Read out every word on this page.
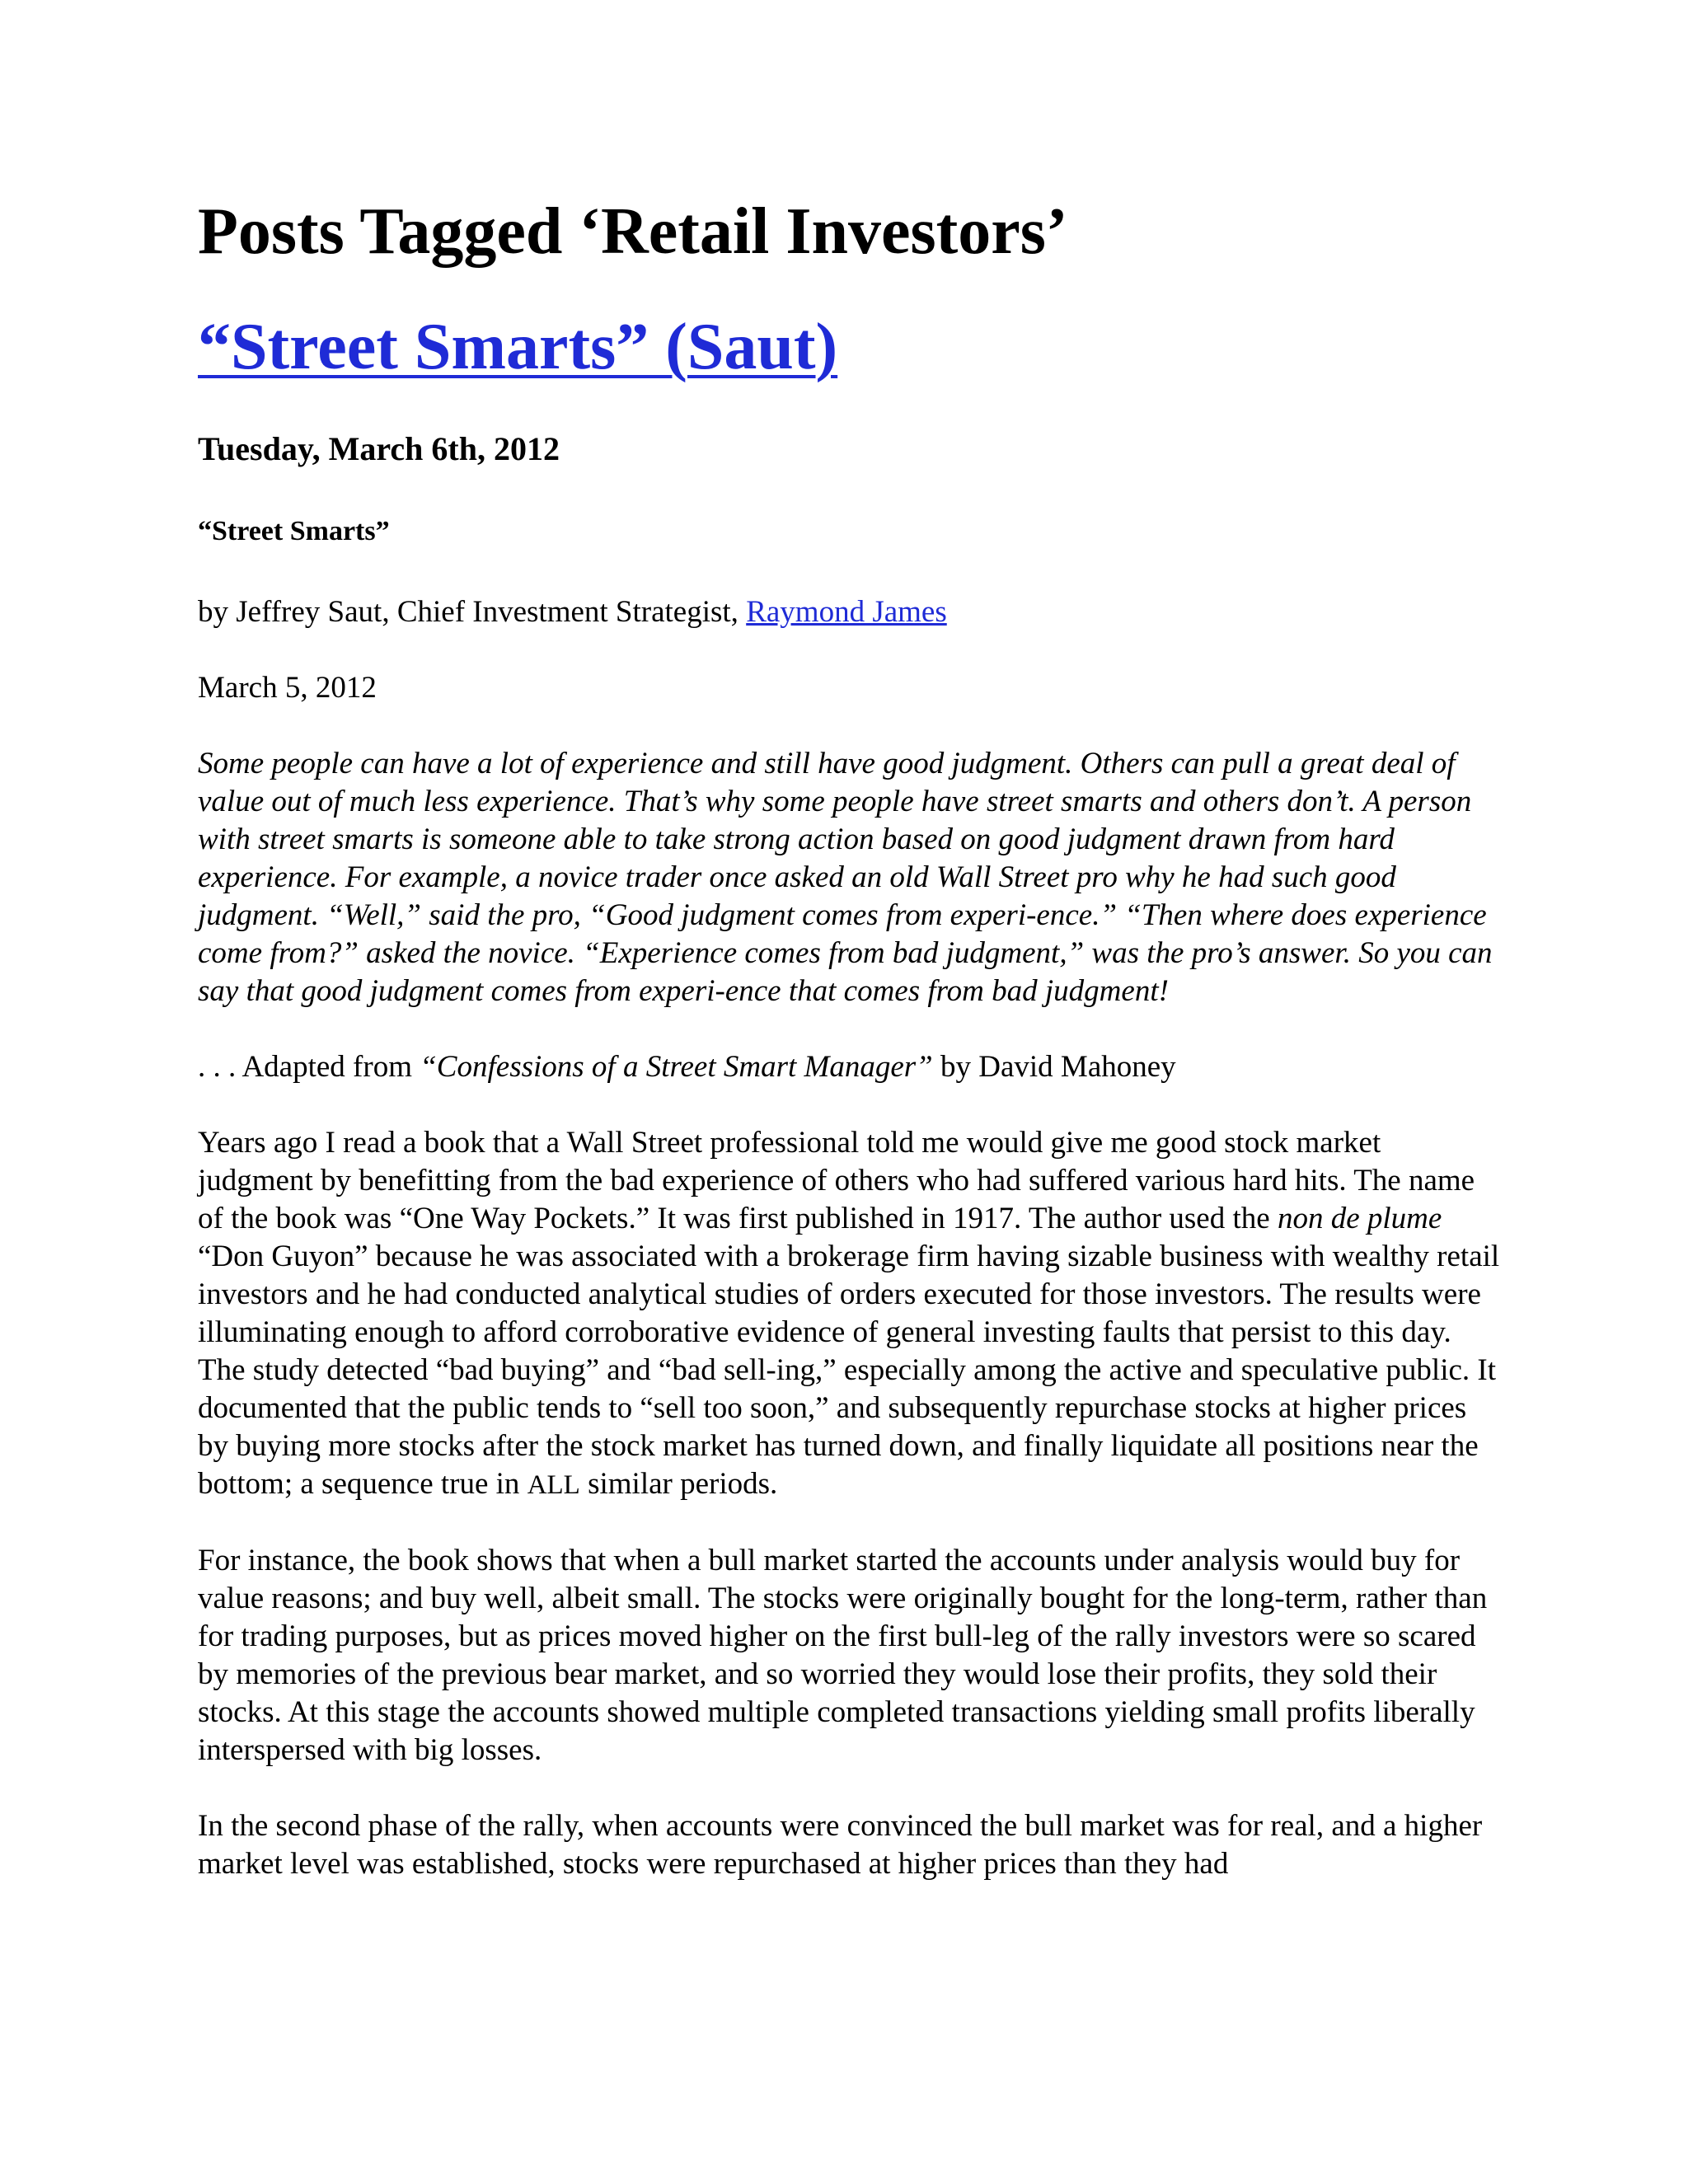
Posts Tagged ‘Retail Investors’
“Street Smarts” (Saut)
Tuesday, March 6th, 2012
“Street Smarts”

by Jeffrey Saut, Chief Investment Strategist, Raymond James

March 5, 2012

Some people can have a lot of experience and still have good judgment. Others can pull a great deal of value out of much less experience. That’s why some people have street smarts and others don’t. A person with street smarts is someone able to take strong action based on good judgment drawn from hard experience. For example, a novice trader once asked an old Wall Street pro why he had such good judgment. “Well,” said the pro, “Good judgment comes from experi-ence.” “Then where does experience come from?” asked the novice. “Experience comes from bad judgment,” was the pro’s answer. So you can say that good judgment comes from experi-ence that comes from bad judgment!

. . . Adapted from “Confessions of a Street Smart Manager” by David Mahoney

Years ago I read a book that a Wall Street professional told me would give me good stock market judgment by benefitting from the bad experience of others who had suffered various hard hits. The name of the book was “One Way Pockets.” It was first published in 1917. The author used the non de plume “Don Guyon” because he was associated with a brokerage firm having sizable business with wealthy retail investors and he had conducted analytical studies of orders executed for those investors. The results were illuminating enough to afford corroborative evidence of general investing faults that persist to this day. The study detected “bad buying” and “bad sell-ing,” especially among the active and speculative public. It documented that the public tends to “sell too soon,” and subsequently repurchase stocks at higher prices by buying more stocks after the stock market has turned down, and finally liquidate all positions near the bottom; a sequence true in ALL similar periods.

For instance, the book shows that when a bull market started the accounts under analysis would buy for value reasons; and buy well, albeit small. The stocks were originally bought for the long-term, rather than for trading purposes, but as prices moved higher on the first bull-leg of the rally investors were so scared by memories of the previous bear market, and so worried they would lose their profits, they sold their stocks. At this stage the accounts showed multiple completed transactions yielding small profits liberally interspersed with big losses.

In the second phase of the rally, when accounts were convinced the bull market was for real, and a higher market level was established, stocks were repurchased at higher prices than they had
